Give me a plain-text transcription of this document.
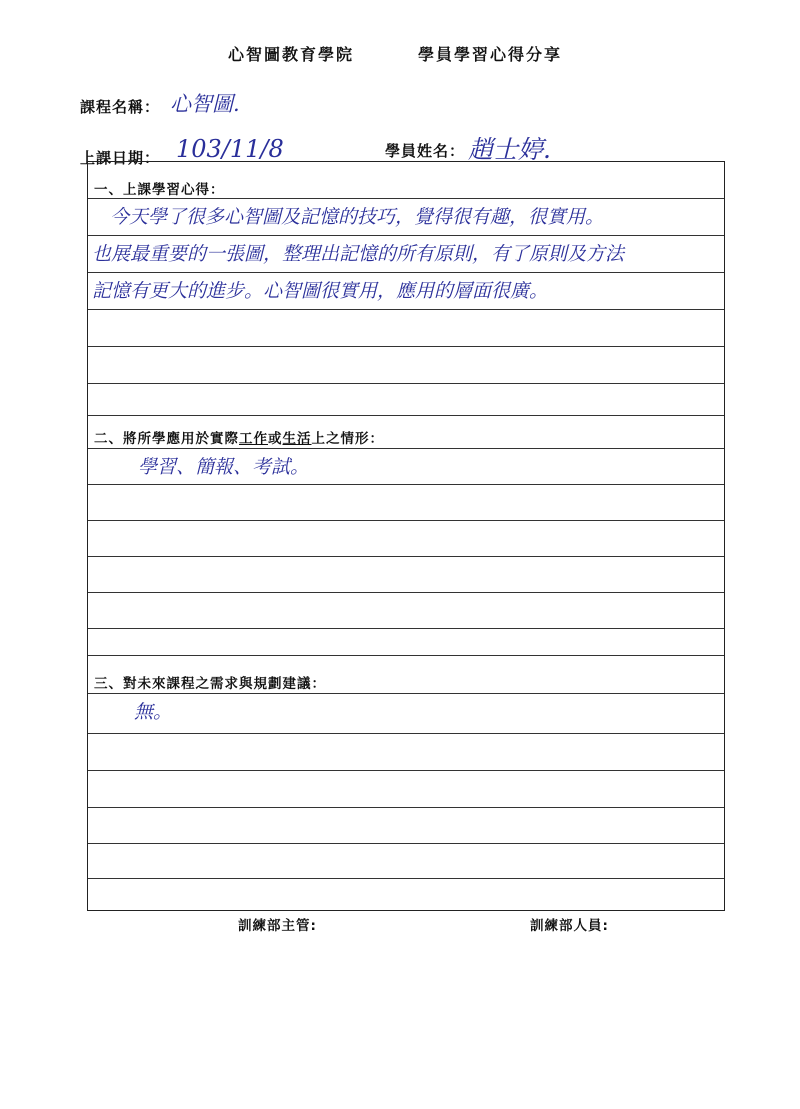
心智圖教育學院	學員學習心得分享
課程名稱： 心智圖.
上課日期： 103/11/8	學員姓名： 趙士婷.
一、上課學習心得：
今天學了很多心智圖及記憶的技巧，覺得很有趣，很實用。
也展最重要的一張圖，整理出記憶的所有原則，有了原則及方法
記憶有更大的進步。心智圖很實用，應用的層面很廣。
二、將所學應用於實際工作或生活上之情形：
學習、簡報、考試。
三、對未來課程之需求與規劃建議：
無。
訓練部主管:	訓練部人員:
